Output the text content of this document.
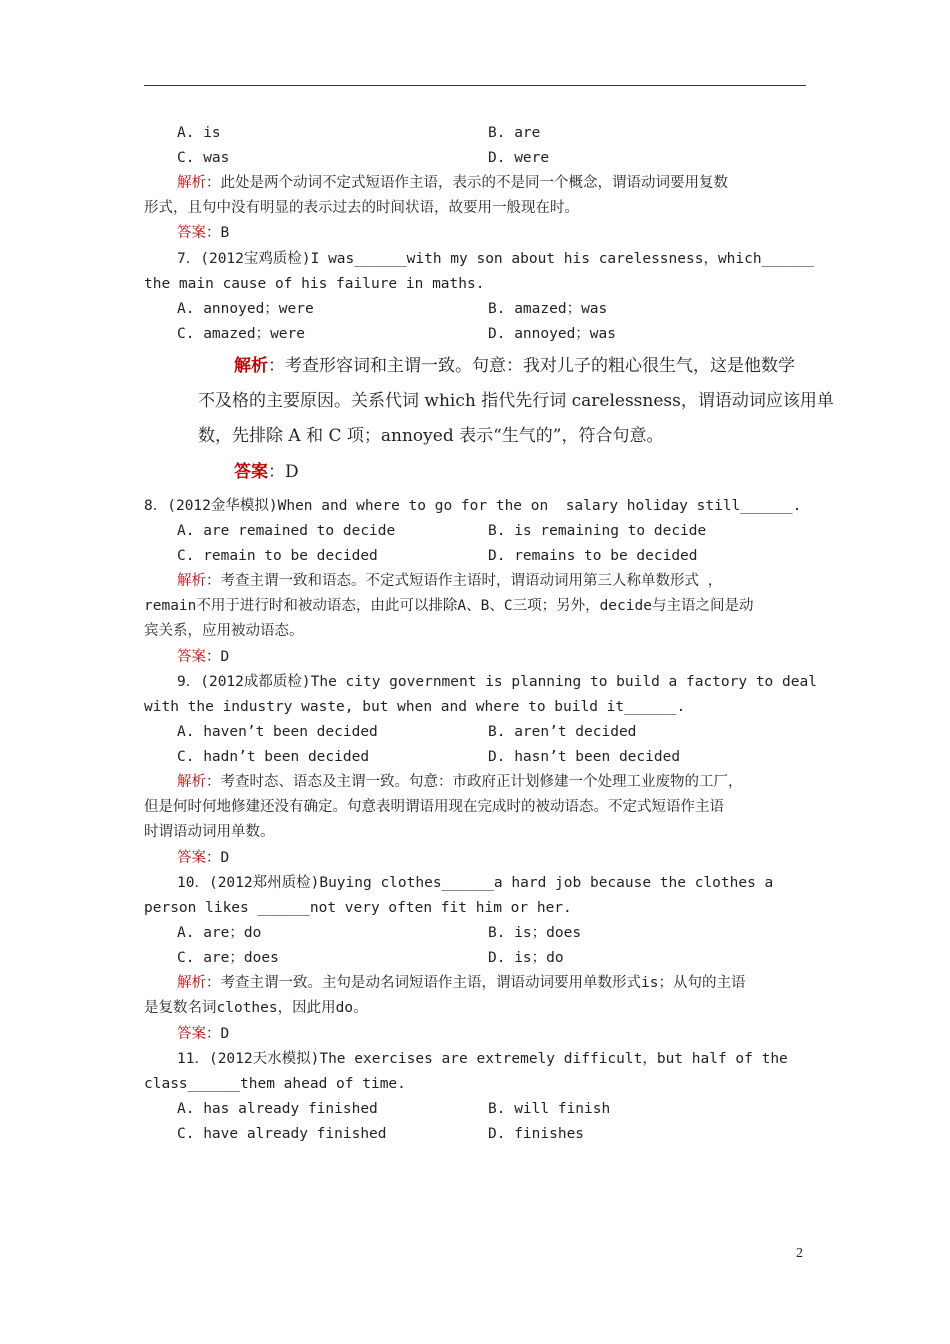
A. is	B. are
C. was	D. were
解析：此处是两个动词不定式短语作主语，表示的不是同一个概念，谓语动词要用复数
形式，且句中没有明显的表示过去的时间状语，故要用一般现在时。
答案：B
7．(2012宝鸡质检)I was______with my son about his carelessness，which______
the main cause of his failure in maths.
A. annoyed；were	B. amazed；was
C. amazed；were	D. annoyed；was
解析：考查形容词和主谓一致。句意：我对儿子的粗心很生气，这是他数学
不及格的主要原因。关系代词 which 指代先行词 carelessness，谓语动词应该用单
数，先排除 A 和 C 项；annoyed 表示“生气的”，符合句意。
答案：D
8．(2012金华模拟)When and where to go for the on  salary holiday still______.
A. are remained to decide	B. is remaining to decide
C. remain to be decided	D. remains to be decided
解析：考查主谓一致和语态。不定式短语作主语时，谓语动词用第三人称单数形式 ，
remain不用于进行时和被动语态，由此可以排除A、B、C三项；另外，decide与主语之间是动
宾关系，应用被动语态。
答案：D
9．(2012成都质检)The city government is planning to build a factory to deal
with the industry waste, but when and where to build it______.
A. haven’t been decided	B. aren’t decided
C. hadn’t been decided	D. hasn’t been decided
解析：考查时态、语态及主谓一致。句意：市政府正计划修建一个处理工业废物的工厂，
但是何时何地修建还没有确定。句意表明谓语用现在完成时的被动语态。不定式短语作主语
时谓语动词用单数。
答案：D
10．(2012郑州质检)Buying clothes______a hard job because the clothes a
person likes ______not very often fit him or her.
A. are；do	B. is；does
C. are；does	D. is；do
解析：考查主谓一致。主句是动名词短语作主语，谓语动词要用单数形式is；从句的主语
是复数名词clothes，因此用do。
答案：D
11．(2012天水模拟)The exercises are extremely difficult，but half of the
class______them ahead of time.
A. has already finished	B. will finish
C. have already finished	D. finishes
2
